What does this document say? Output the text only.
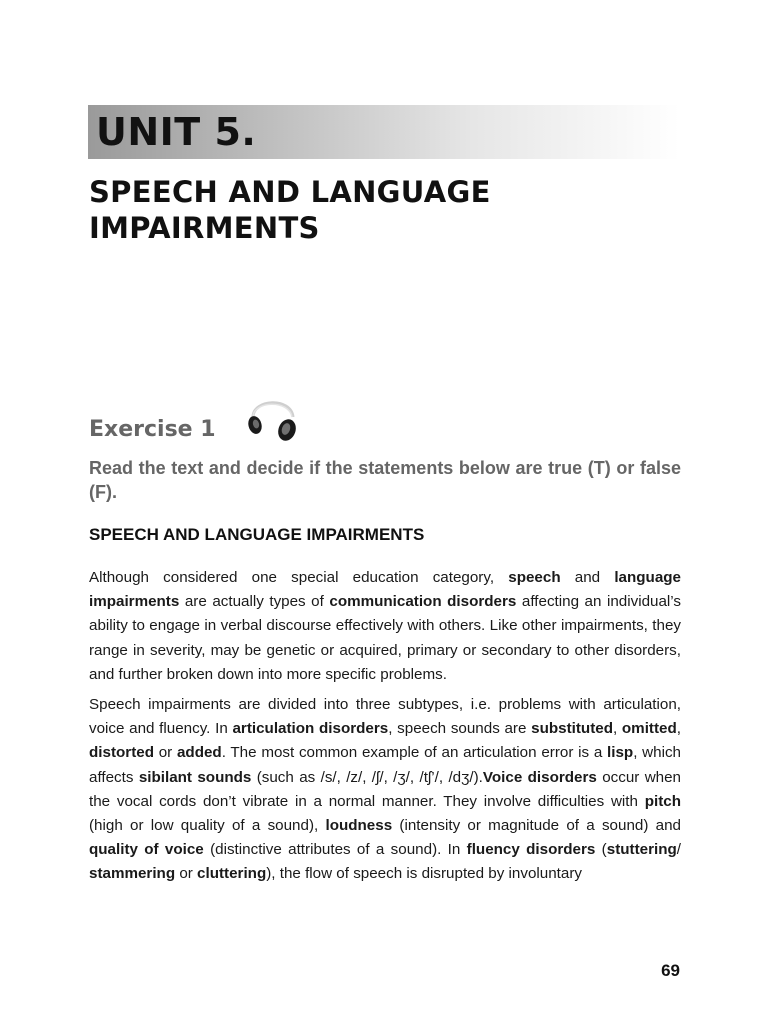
UNIT 5.
SPEECH AND LANGUAGE IMPAIRMENTS
Exercise 1
Read the text and decide if the statements below are true (T) or false (F).
SPEECH AND LANGUAGE IMPAIRMENTS

Although considered one special education category, speech and language impairments are actually types of communication disorders affecting an individual’s ability to engage in verbal discourse effectively with others. Like other impairments, they range in severity, may be genetic or acquired, primary or secondary to other disorders, and further broken down into more specific problems.

Speech impairments are divided into three subtypes, i.e. problems with articulation, voice and fluency. In articulation disorders, speech sounds are substituted, omitted, distorted or added. The most common example of an articulation error is a lisp, which affects sibilant sounds (such as /s/, /z/, /ʃ/, /ʒ/, /tʃ’/, /dʒ/).Voice disorders occur when the vocal cords don’t vibrate in a normal manner. They involve difficulties with pitch (high or low quality of a sound), loudness (intensity or magnitude of a sound) and quality of voice (distinctive attributes of a sound). In fluency disorders (stuttering/ stammering or cluttering), the flow of speech is disrupted by involuntary

69
